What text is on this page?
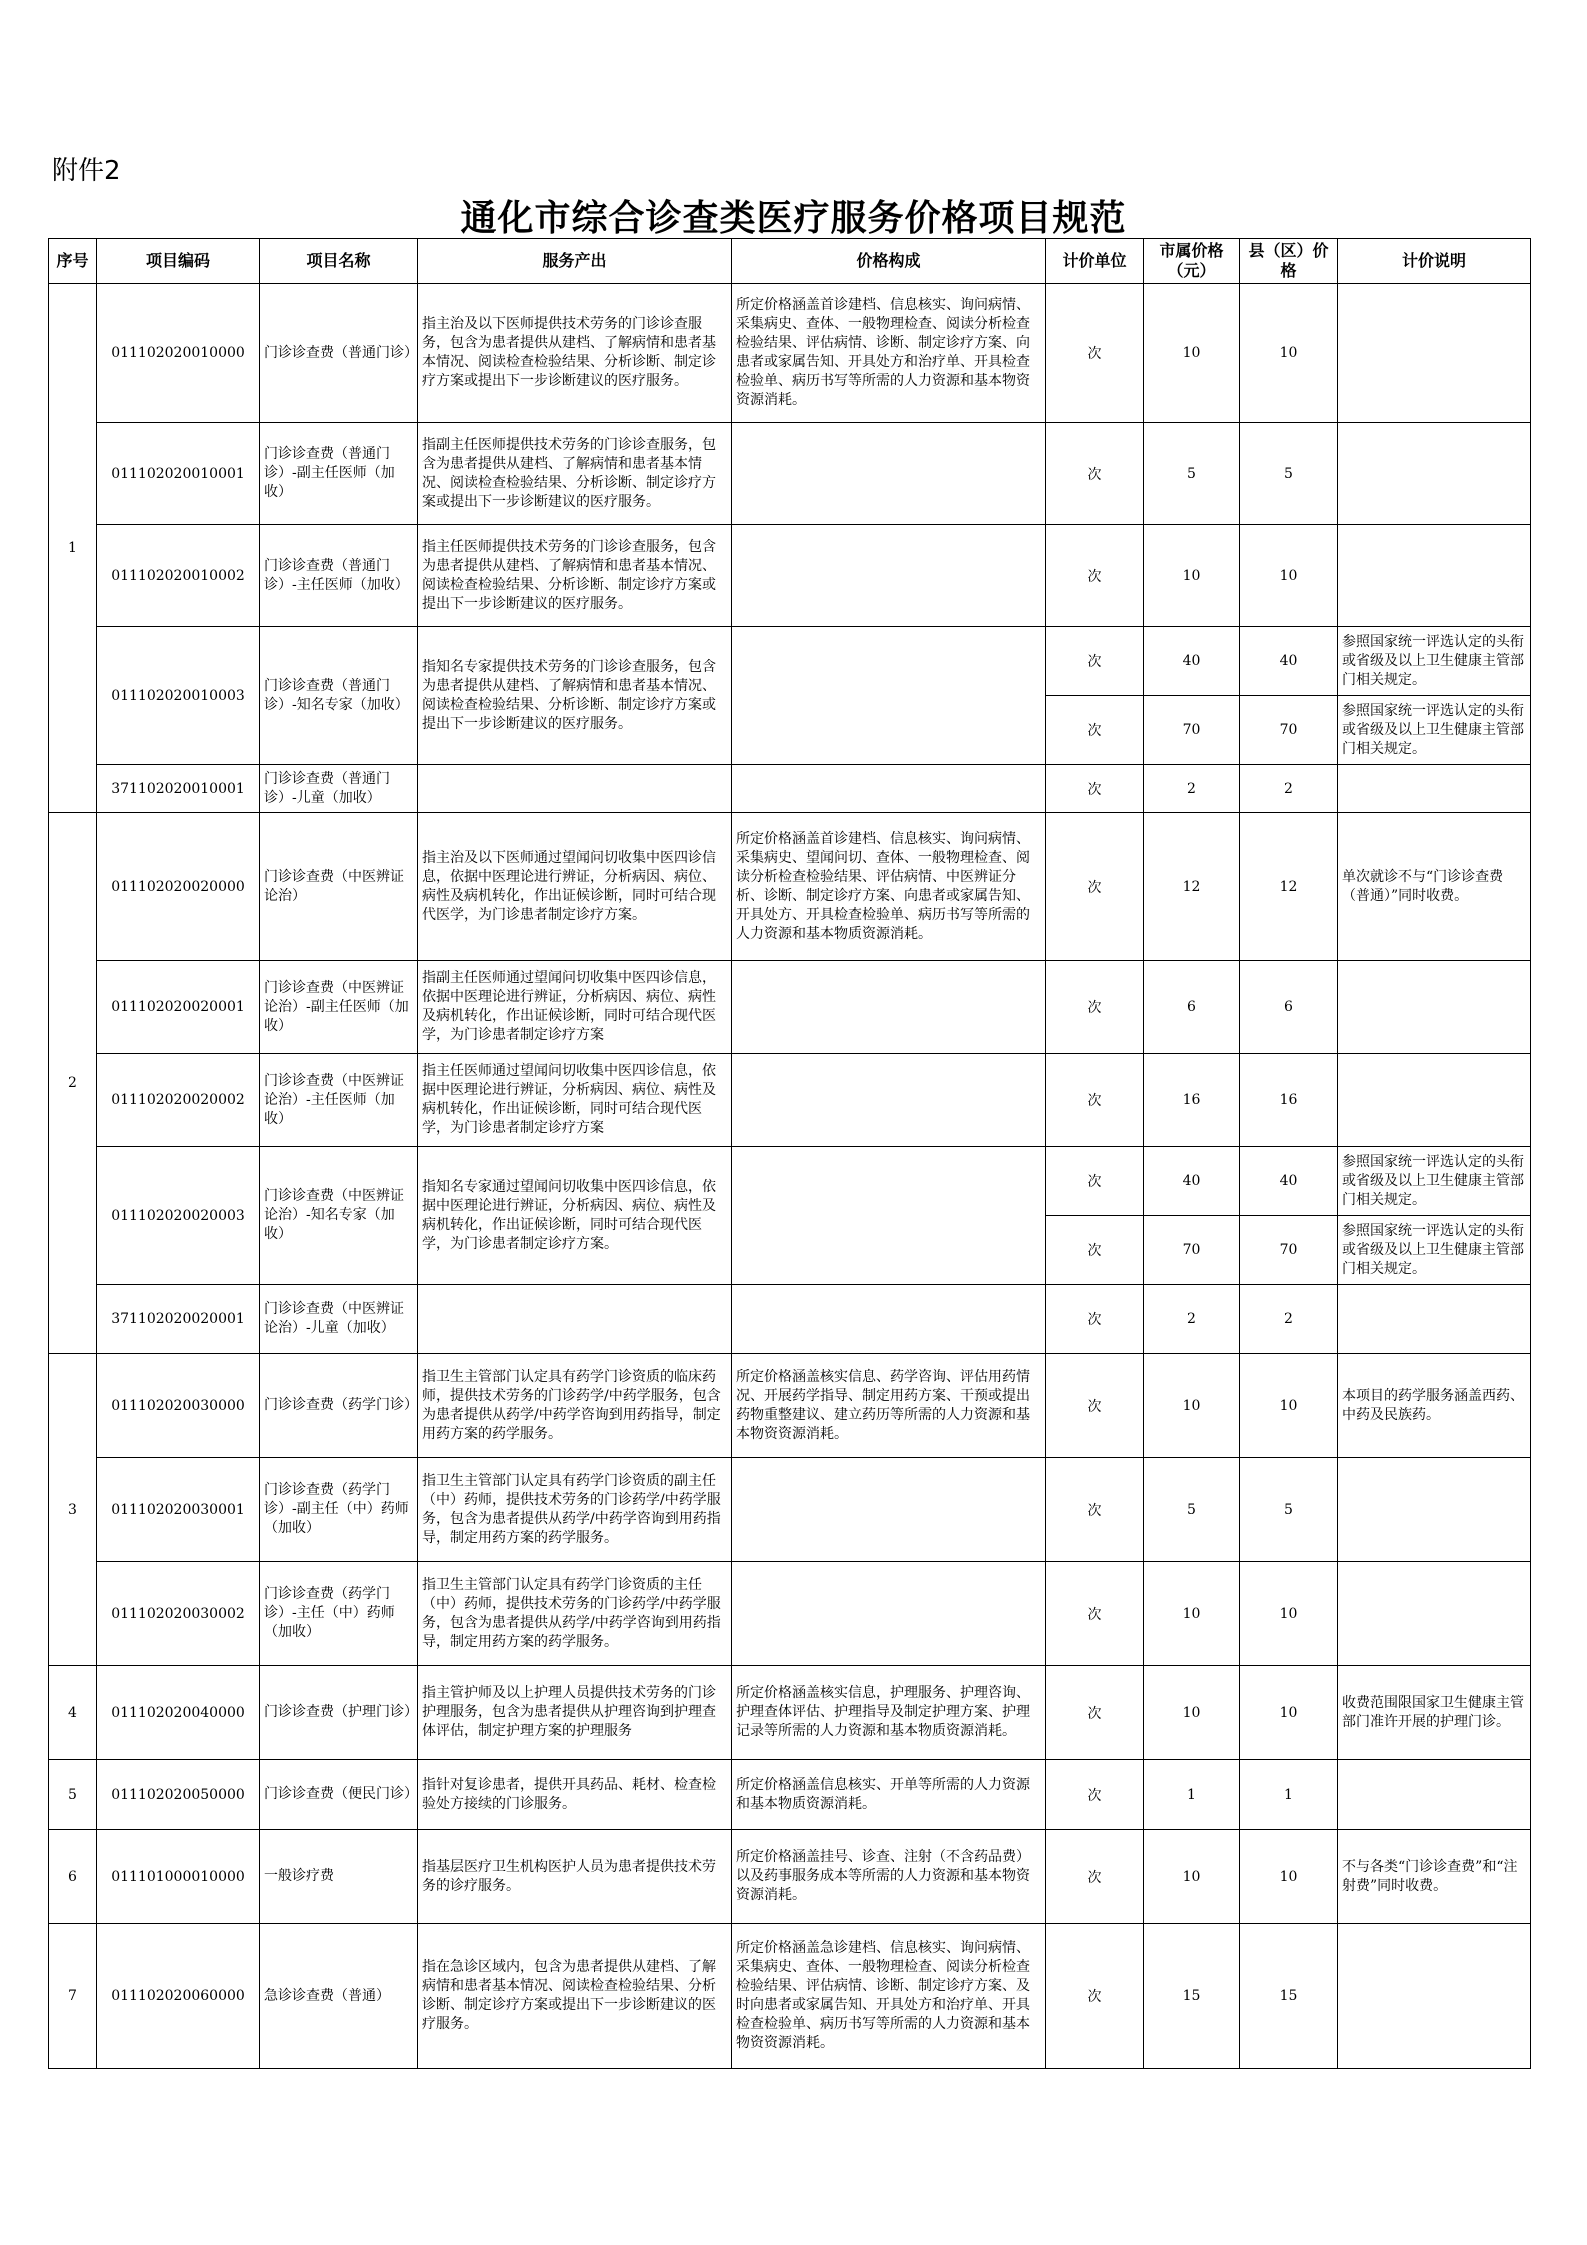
附件2
通化市综合诊查类医疗服务价格项目规范
序号	项目编码	项目名称	服务产出	价格构成	计价单位	市属价格（元）	县（区）价格	计价说明
1	011102020010000	门诊诊查费（普通门诊）	指主治及以下医师提供技术劳务的门诊诊查服务，包含为患者提供从建档、了解病情和患者基本情况、阅读检查检验结果、分析诊断、制定诊疗方案或提出下一步诊断建议的医疗服务。	所定价格涵盖首诊建档、信息核实、询问病情、采集病史、查体、一般物理检查、阅读分析检查检验结果、评估病情、诊断、制定诊疗方案、向患者或家属告知、开具处方和治疗单、开具检查检验单、病历书写等所需的人力资源和基本物资资源消耗。	次	10	10	
	011102020010001	门诊诊查费（普通门诊）-副主任医师（加收）	指副主任医师提供技术劳务的门诊诊查服务，包含为患者提供从建档、了解病情和患者基本情况、阅读检查检验结果、分析诊断、制定诊疗方案或提出下一步诊断建议的医疗服务。		次	5	5	
	011102020010002	门诊诊查费（普通门诊）-主任医师（加收）	指主任医师提供技术劳务的门诊诊查服务，包含为患者提供从建档、了解病情和患者基本情况、阅读检查检验结果、分析诊断、制定诊疗方案或提出下一步诊断建议的医疗服务。		次	10	10	
	011102020010003	门诊诊查费（普通门诊）-知名专家（加收）	指知名专家提供技术劳务的门诊诊查服务，包含为患者提供从建档、了解病情和患者基本情况、阅读检查检验结果、分析诊断、制定诊疗方案或提出下一步诊断建议的医疗服务。		次	40	40	参照国家统一评选认定的头衔或省级及以上卫生健康主管部门相关规定。
					次	70	70	参照国家统一评选认定的头衔或省级及以上卫生健康主管部门相关规定。
	371102020010001	门诊诊查费（普通门诊）-儿童（加收）			次	2	2	
2	011102020020000	门诊诊查费（中医辨证论治）	指主治及以下医师通过望闻问切收集中医四诊信息，依据中医理论进行辨证，分析病因、病位、病性及病机转化，作出证候诊断，同时可结合现代医学，为门诊患者制定诊疗方案。	所定价格涵盖首诊建档、信息核实、询问病情、采集病史、望闻问切、查体、一般物理检查、阅读分析检查检验结果、评估病情、中医辨证分析、诊断、制定诊疗方案、向患者或家属告知、开具处方、开具检查检验单、病历书写等所需的人力资源和基本物质资源消耗。	次	12	12	单次就诊不与“门诊诊查费（普通）”同时收费。
	011102020020001	门诊诊查费（中医辨证论治）-副主任医师（加收）	指副主任医师通过望闻问切收集中医四诊信息，依据中医理论进行辨证，分析病因、病位、病性及病机转化，作出证候诊断，同时可结合现代医学，为门诊患者制定诊疗方案		次	6	6	
	011102020020002	门诊诊查费（中医辨证论治）-主任医师（加收）	指主任医师通过望闻问切收集中医四诊信息，依据中医理论进行辨证，分析病因、病位、病性及病机转化，作出证候诊断，同时可结合现代医学，为门诊患者制定诊疗方案		次	16	16	
	011102020020003	门诊诊查费（中医辨证论治）-知名专家（加收）	指知名专家通过望闻问切收集中医四诊信息，依据中医理论进行辨证，分析病因、病位、病性及病机转化，作出证候诊断，同时可结合现代医学，为门诊患者制定诊疗方案。		次	40	40	参照国家统一评选认定的头衔或省级及以上卫生健康主管部门相关规定。
					次	70	70	参照国家统一评选认定的头衔或省级及以上卫生健康主管部门相关规定。
	371102020020001	门诊诊查费（中医辨证论治）-儿童（加收）			次	2	2	
3	011102020030000	门诊诊查费（药学门诊）	指卫生主管部门认定具有药学门诊资质的临床药师，提供技术劳务的门诊药学/中药学服务，包含为患者提供从药学/中药学咨询到用药指导，制定用药方案的药学服务。	所定价格涵盖核实信息、药学咨询、评估用药情况、开展药学指导、制定用药方案、干预或提出药物重整建议、建立药历等所需的人力资源和基本物资资源消耗。	次	10	10	本项目的药学服务涵盖西药、中药及民族药。
	011102020030001	门诊诊查费（药学门诊）-副主任（中）药师（加收）	指卫生主管部门认定具有药学门诊资质的副主任（中）药师，提供技术劳务的门诊药学/中药学服务，包含为患者提供从药学/中药学咨询到用药指导，制定用药方案的药学服务。		次	5	5	
	011102020030002	门诊诊查费（药学门诊）-主任（中）药师（加收）	指卫生主管部门认定具有药学门诊资质的主任（中）药师，提供技术劳务的门诊药学/中药学服务，包含为患者提供从药学/中药学咨询到用药指导，制定用药方案的药学服务。		次	10	10	
4	011102020040000	门诊诊查费（护理门诊）	指主管护师及以上护理人员提供技术劳务的门诊护理服务，包含为患者提供从护理咨询到护理查体评估，制定护理方案的护理服务	所定价格涵盖核实信息，护理服务、护理咨询、护理查体评估、护理指导及制定护理方案、护理记录等所需的人力资源和基本物质资源消耗。	次	10	10	收费范围限国家卫生健康主管部门准许开展的护理门诊。
5	011102020050000	门诊诊查费（便民门诊）	指针对复诊患者，提供开具药品、耗材、检查检验处方接续的门诊服务。	所定价格涵盖信息核实、开单等所需的人力资源和基本物质资源消耗。	次	1	1	
6	011101000010000	一般诊疗费	指基层医疗卫生机构医护人员为患者提供技术劳务的诊疗服务。	所定价格涵盖挂号、诊查、注射（不含药品费）以及药事服务成本等所需的人力资源和基本物资资源消耗。	次	10	10	不与各类“门诊诊查费”和“注射费”同时收费。
7	011102020060000	急诊诊查费（普通）	指在急诊区域内，包含为患者提供从建档、了解病情和患者基本情况、阅读检查检验结果、分析诊断、制定诊疗方案或提出下一步诊断建议的医疗服务。	所定价格涵盖急诊建档、信息核实、询问病情、采集病史、查体、一般物理检查、阅读分析检查检验结果、评估病情、诊断、制定诊疗方案、及时向患者或家属告知、开具处方和治疗单、开具检查检验单、病历书写等所需的人力资源和基本物资资源消耗。	次	15	15	
